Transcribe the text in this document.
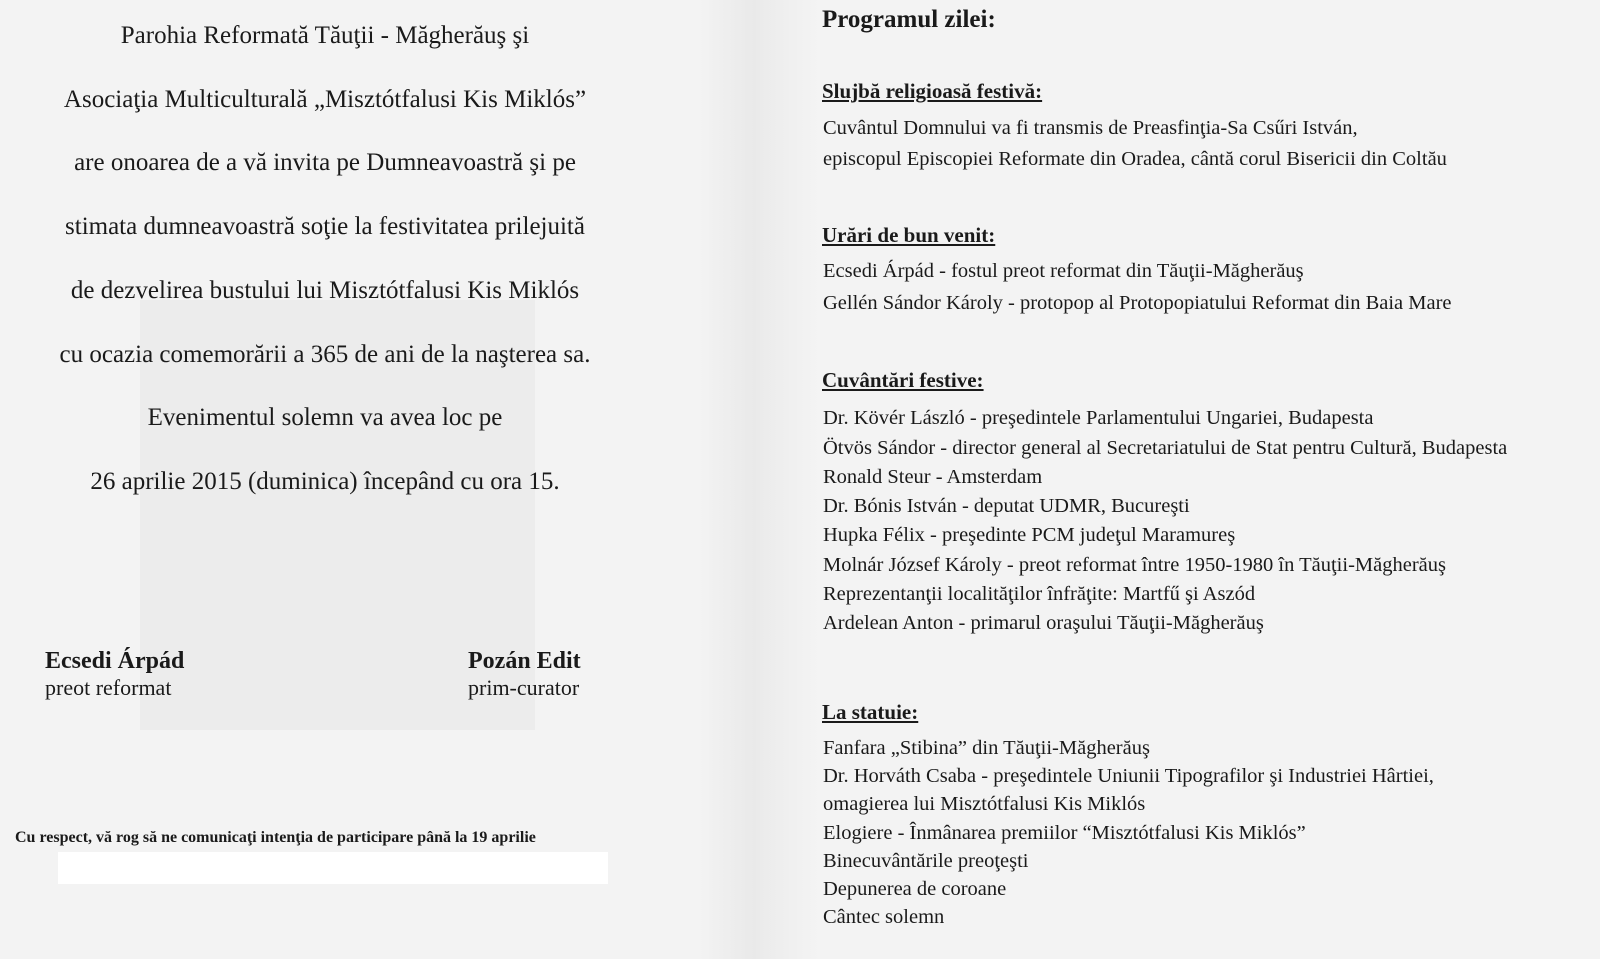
Parohia Reformată Tăuţii - Măgherăuş şi
Asociaţia Multiculturală „Misztótfalusi Kis Miklós”
are onoarea de a vă invita pe Dumneavoastră şi pe
stimata dumneavoastră soţie la festivitatea prilejuită
de dezvelirea bustului lui Misztótfalusi Kis Miklós
cu ocazia comemorării a 365 de ani de la naşterea sa.
Evenimentul solemn va avea loc pe
26 aprilie 2015 (duminica) începând cu ora 15.
Ecsedi Árpád
preot reformat
Pozán Edit
prim-curator
Cu respect, vă rog să ne comunicaţi intenţia de participare până la 19 aprilie
Programul zilei:
Slujbă religioasă festivă:
Cuvântul Domnului va fi transmis de Preasfinţia-Sa Csűri István,
episcopul Episcopiei Reformate din Oradea, cântă corul Bisericii din Coltău
Urări de bun venit:
Ecsedi Árpád - fostul preot reformat din Tăuţii-Măgherăuş
Gellén Sándor Károly - protopop al Protopopiatului Reformat din Baia Mare
Cuvântări festive:
Dr. Kövér László - preşedintele Parlamentului Ungariei, Budapesta
Ötvös Sándor - director general al Secretariatului de Stat pentru Cultură, Budapesta
Ronald Steur - Amsterdam
Dr. Bónis István - deputat UDMR, Bucureşti
Hupka Félix - preşedinte PCM judeţul Maramureş
Molnár József Károly - preot reformat între 1950-1980 în Tăuţii-Măgherăuş
Reprezentanţii localităţilor înfrăţite: Martfű şi Aszód
Ardelean Anton - primarul oraşului Tăuţii-Măgherăuş
La statuie:
Fanfara „Stibina” din Tăuţii-Măgherăuş
Dr. Horváth Csaba - preşedintele Uniunii Tipografilor şi Industriei Hârtiei,
omagierea lui Misztótfalusi Kis Miklós
Elogiere - Înmânarea premiilor “Misztótfalusi Kis Miklós”
Binecuvântările preoţeşti
Depunerea de coroane
Cântec solemn
